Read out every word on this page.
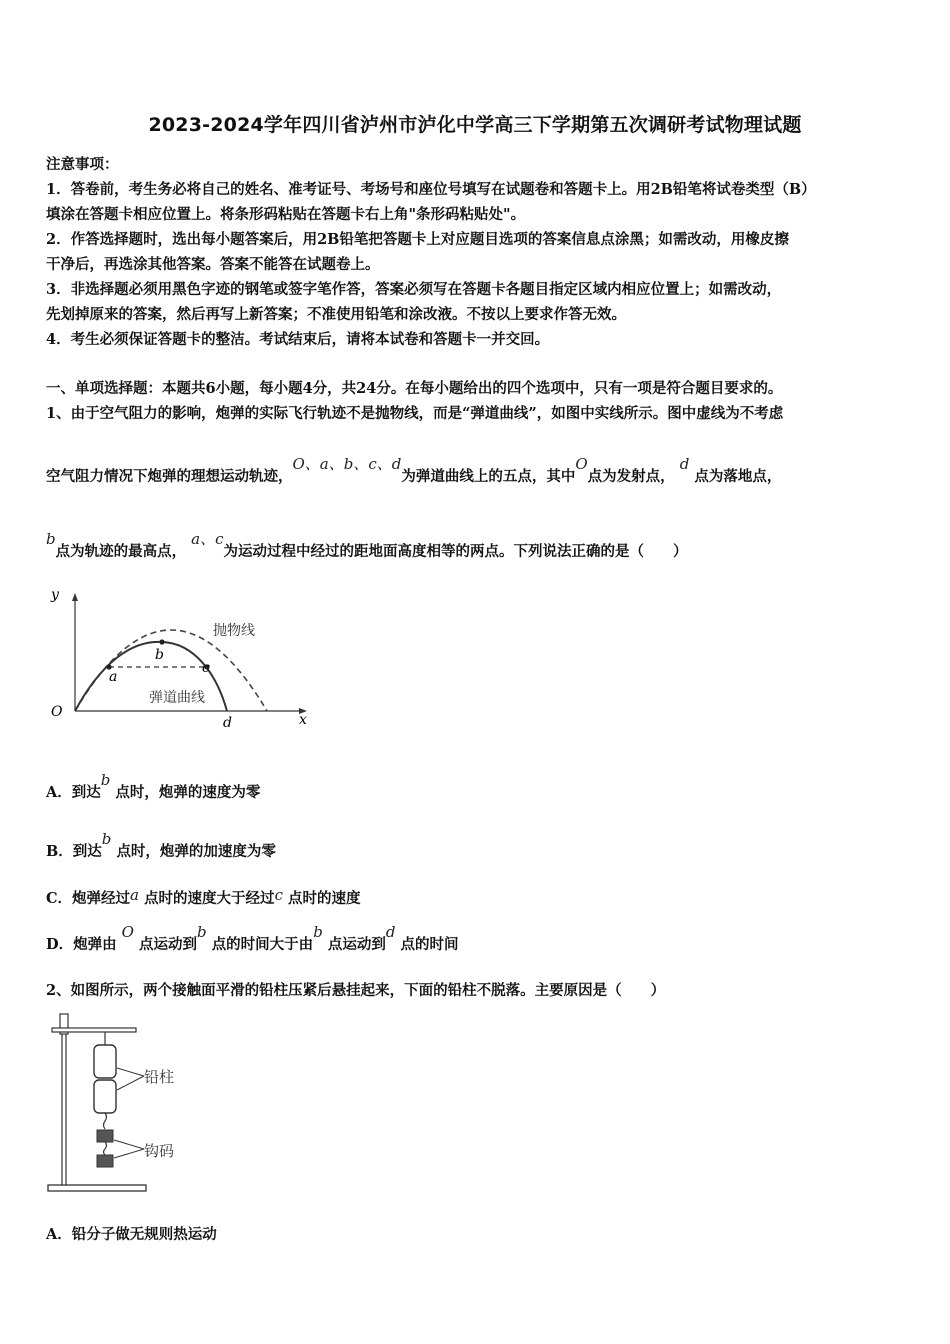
2023-2024学年四川省泸州市泸化中学高三下学期第五次调研考试物理试题
注意事项：
1．答卷前，考生务必将自己的姓名、准考证号、考场号和座位号填写在试题卷和答题卡上。用2B铅笔将试卷类型（B）
填涂在答题卡相应位置上。将条形码粘贴在答题卡右上角"条形码粘贴处"。
2．作答选择题时，选出每小题答案后，用2B铅笔把答题卡上对应题目选项的答案信息点涂黑；如需改动，用橡皮擦
干净后，再选涂其他答案。答案不能答在试题卷上。
3．非选择题必须用黑色字迹的钢笔或签字笔作答，答案必须写在答题卡各题目指定区域内相应位置上；如需改动，
先划掉原来的答案，然后再写上新答案；不准使用铅笔和涂改液。不按以上要求作答无效。
4．考生必须保证答题卡的整洁。考试结束后，请将本试卷和答题卡一并交回。
一、单项选择题：本题共6小题，每小题4分，共24分。在每小题给出的四个选项中，只有一项是符合题目要求的。
1、由于空气阻力的影响，炮弹的实际飞行轨迹不是抛物线，而是“弹道曲线”，如图中实线所示。图中虚线为不考虑
空气阻力情况下炮弹的理想运动轨迹，O、a、b、c、d为弹道曲线上的五点，其中O点为发射点， d 点为落地点，
b点为轨迹的最高点， a、c为运动过程中经过的距地面高度相等的两点。下列说法正确的是（　　）
y
x
O
a
b
c
d
抛物线
弹道曲线
A．到达b 点时，炮弹的速度为零
B．到达b 点时，炮弹的加速度为零
C．炮弹经过a 点时的速度大于经过c 点时的速度
D．炮弹由 O 点运动到b 点的时间大于由b 点运动到d 点的时间
2、如图所示，两个接触面平滑的铅柱压紧后悬挂起来，下面的铅柱不脱落。主要原因是（　　）
铅柱
钩码
A．铅分子做无规则热运动
